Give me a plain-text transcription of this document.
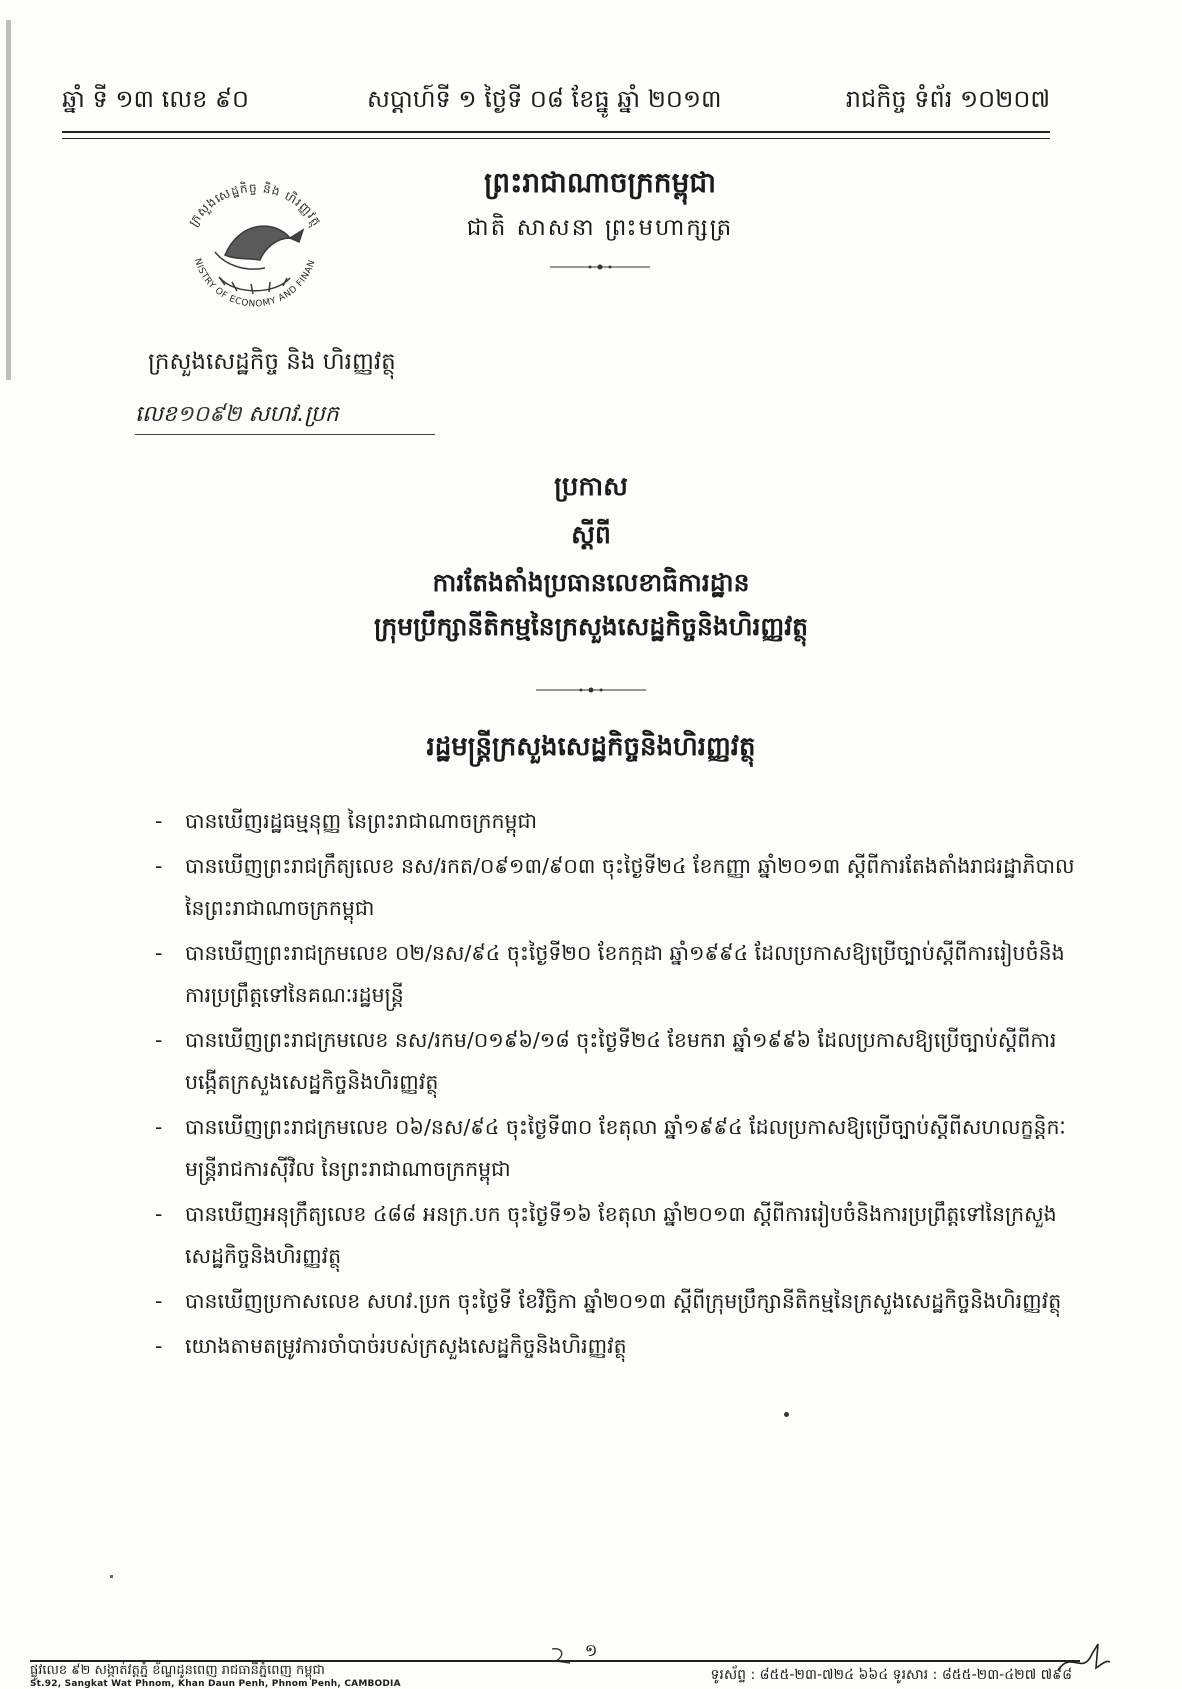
ឆ្នាំ ទី ១៣ លេខ ៩០	សប្តាហ៍ទី ១ ថ្ងៃទី ០៨ ខែធ្នូ ឆ្នាំ ២០១៣	រាជកិច្ច ទំព័រ ១០២០៧
ក្រសួងសេដ្ឋកិច្ច និង ហិរញ្ញវត្ថុ
NISTRY OF ECONOMY AND FINAN
ព្រះរាជាណាចក្រកម្ពុជា
ជាតិ សាសនា ព្រះមហាក្សត្រ
ក្រសួងសេដ្ឋកិច្ច និង ហិរញ្ញវត្ថុ
លេខ១០៩២ សហវ.ប្រក
ប្រកាស
ស្តីពី
ការតែងតាំងប្រធានលេខាធិការដ្ឋាន
ក្រុមប្រឹក្សានីតិកម្មនៃក្រសួងសេដ្ឋកិច្ចនិងហិរញ្ញវត្ថុ
រដ្ឋមន្ត្រីក្រសួងសេដ្ឋកិច្ចនិងហិរញ្ញវត្ថុ
- បានឃើញរដ្ឋធម្មនុញ្ញ នៃព្រះរាជាណាចក្រកម្ពុជា
- បានឃើញព្រះរាជក្រឹត្យលេខ នស/រកត/០៩១៣/៩០៣ ចុះថ្ងៃទី២៤ ខែកញ្ញា ឆ្នាំ២០១៣ ស្តីពីការតែងតាំងរាជរដ្ឋាភិបាល នៃព្រះរាជាណាចក្រកម្ពុជា
- បានឃើញព្រះរាជក្រមលេខ ០២/នស/៩៤ ចុះថ្ងៃទី២០ ខែកក្កដា ឆ្នាំ១៩៩៤ ដែលប្រកាសឱ្យប្រើច្បាប់ស្តីពីការរៀបចំនិងការប្រព្រឹត្តទៅនៃគណៈរដ្ឋមន្ត្រី
- បានឃើញព្រះរាជក្រមលេខ នស/រកម/០១៩៦/១៨ ចុះថ្ងៃទី២៤ ខែមករា ឆ្នាំ១៩៩៦ ដែលប្រកាសឱ្យប្រើច្បាប់ស្តីពីការបង្កើតក្រសួងសេដ្ឋកិច្ចនិងហិរញ្ញវត្ថុ
- បានឃើញព្រះរាជក្រមលេខ ០៦/នស/៩៤ ចុះថ្ងៃទី៣០ ខែតុលា ឆ្នាំ១៩៩៤ ដែលប្រកាសឱ្យប្រើច្បាប់ស្តីពីសហលក្ខន្តិកៈមន្ត្រីរាជការស៊ីវិល នៃព្រះរាជាណាចក្រកម្ពុជា
- បានឃើញអនុក្រឹត្យលេខ ៤៨៨ អនក្រ.បក ចុះថ្ងៃទី១៦ ខែតុលា ឆ្នាំ២០១៣ ស្តីពីការរៀបចំនិងការប្រព្រឹត្តទៅនៃក្រសួងសេដ្ឋកិច្ចនិងហិរញ្ញវត្ថុ
- បានឃើញប្រកាសលេខ សហវ.ប្រក ចុះថ្ងៃទី ខែវិច្ឆិកា ឆ្នាំ២០១៣ ស្តីពីក្រុមប្រឹក្សានីតិកម្មនៃក្រសួងសេដ្ឋកិច្ចនិងហិរញ្ញវត្ថុ
- យោងតាមតម្រូវការចាំបាច់របស់ក្រសួងសេដ្ឋកិច្ចនិងហិរញ្ញវត្ថុ
១
ផ្លូវលេខ ៩២ សង្កាត់វត្តភ្នំ ខ័ណ្ឌដូនពេញ រាជធានីភ្នំពេញ កម្ពុជា
St.92, Sangkat Wat Phnom, Khan Daun Penh, Phnom Penh, CAMBODIA
ទូរស័ព្ទ : ៨៥៥-២៣-៧២៤ ៦៦៤ ទូរសារ : ៨៥៥-២៣-៤២៧ ៧៩៨
